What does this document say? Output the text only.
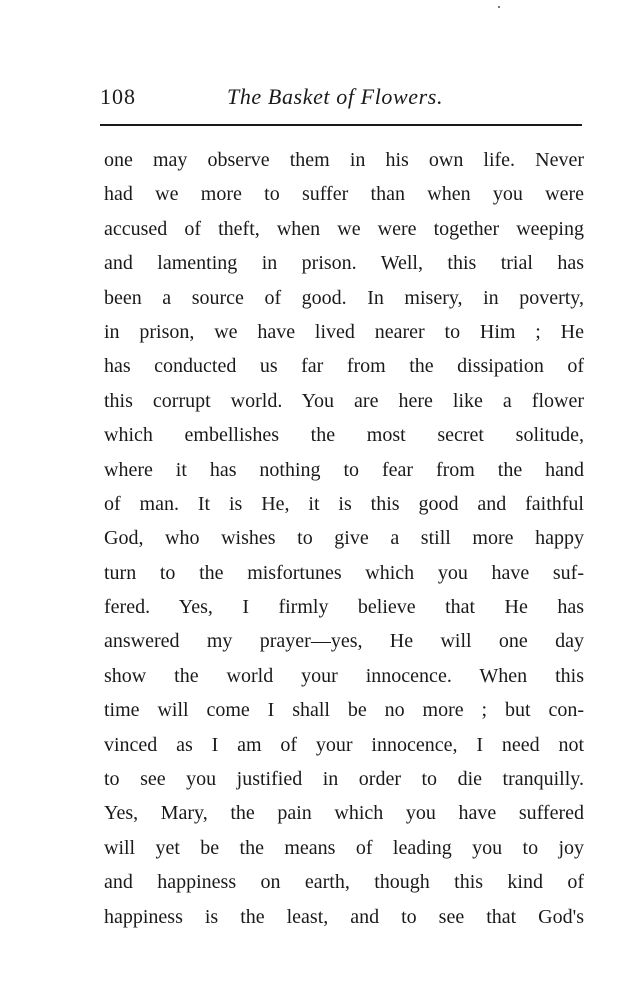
108	The Basket of Flowers.
one may observe them in his own life. Never
had we more to suffer than when you were
accused of theft, when we were together weeping
and lamenting in prison. Well, this trial has
been a source of good. In misery, in poverty,
in prison, we have lived nearer to Him ; He
has conducted us far from the dissipation of
this corrupt world. You are here like a flower
which embellishes the most secret solitude,
where it has nothing to fear from the hand
of man. It is He, it is this good and faithful
God, who wishes to give a still more happy
turn to the misfortunes which you have suf-
fered. Yes, I firmly believe that He has
answered my prayer—yes, He will one day
show the world your innocence. When this
time will come I shall be no more ; but con-
vinced as I am of your innocence, I need not
to see you justified in order to die tranquilly.
Yes, Mary, the pain which you have suffered
will yet be the means of leading you to joy
and happiness on earth, though this kind of
happiness is the least, and to see that God's
